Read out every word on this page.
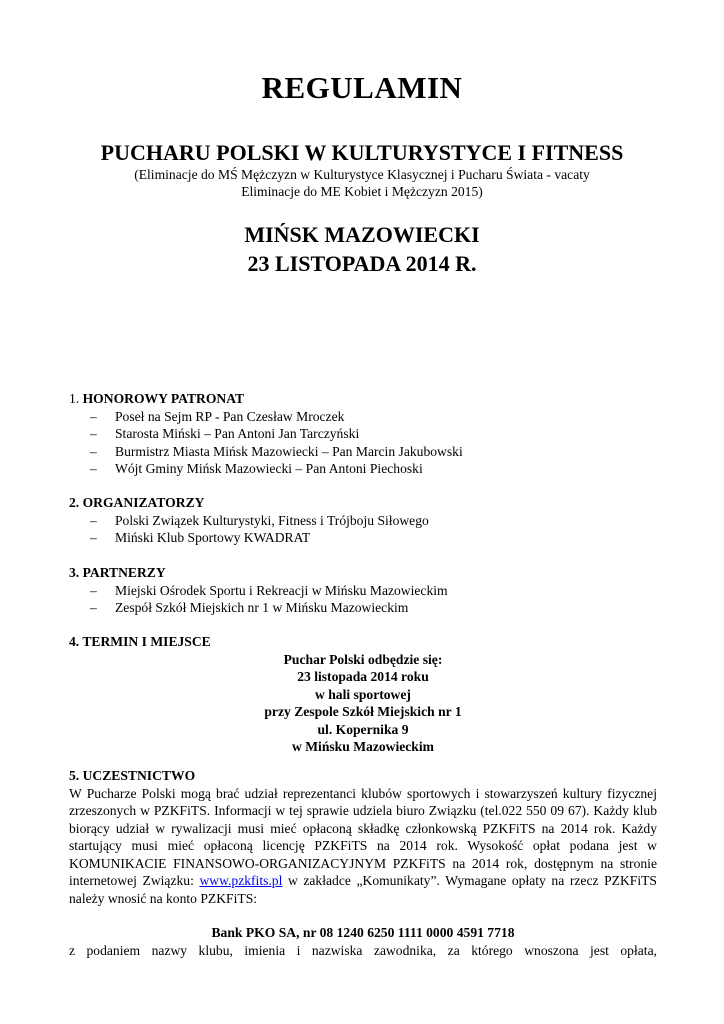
REGULAMIN
PUCHARU POLSKI W KULTURYSTYCE I FITNESS
(Eliminacje do MŚ Mężczyzn w Kulturystyce Klasycznej i Pucharu Świata - vacaty
Eliminacje do ME Kobiet i Mężczyzn 2015)
MIŃSK MAZOWIECKI
23 LISTOPADA 2014 R.

1. HONOROWY PATRONAT

– Poseł na Sejm RP - Pan Czesław Mroczek
– Starosta Miński – Pan Antoni Jan Tarczyński
– Burmistrz Miasta Mińsk Mazowiecki – Pan Marcin Jakubowski
– Wójt Gminy Mińsk Mazowiecki – Pan Antoni Piechoski

2. ORGANIZATORZY

– Polski Związek Kulturystyki, Fitness i Trójboju Siłowego
– Miński Klub Sportowy KWADRAT

3. PARTNERZY

– Miejski Ośrodek Sportu i Rekreacji w Mińsku Mazowieckim
– Zespół Szkół Miejskich nr 1 w Mińsku Mazowieckim

4. TERMIN I MIEJSCE

Puchar Polski odbędzie się:

23 listopada 2014 roku

w hali sportowej

przy Zespole Szkół Miejskich nr 1

ul. Kopernika 9

w Mińsku Mazowieckim

5. UCZESTNICTWO

W Pucharze Polski mogą brać udział reprezentanci klubów sportowych i stowarzyszeń kultury fizycznej zrzeszonych w PZKFiTS. Informacji w tej sprawie udziela biuro Związku (tel.022 550 09 67). Każdy klub biorący udział w rywalizacji musi mieć opłaconą składkę członkowską PZKFiTS na 2014 rok. Każdy startujący musi mieć opłaconą licencję PZKFiTS na 2014 rok. Wysokość opłat podana jest w KOMUNIKACIE FINANSOWO-ORGANIZACYJNYM PZKFiTS na 2014 rok, dostępnym na stronie internetowej Związku: www.pzkfits.pl w zakładce „Komunikaty”. Wymagane opłaty na rzecz PZKFiTS należy wnosić na konto PZKFiTS:

Bank PKO SA, nr 08 1240 6250 1111 0000 4591 7718

z podaniem nazwy klubu, imienia i nazwiska zawodnika, za którego wnoszona jest opłata,
